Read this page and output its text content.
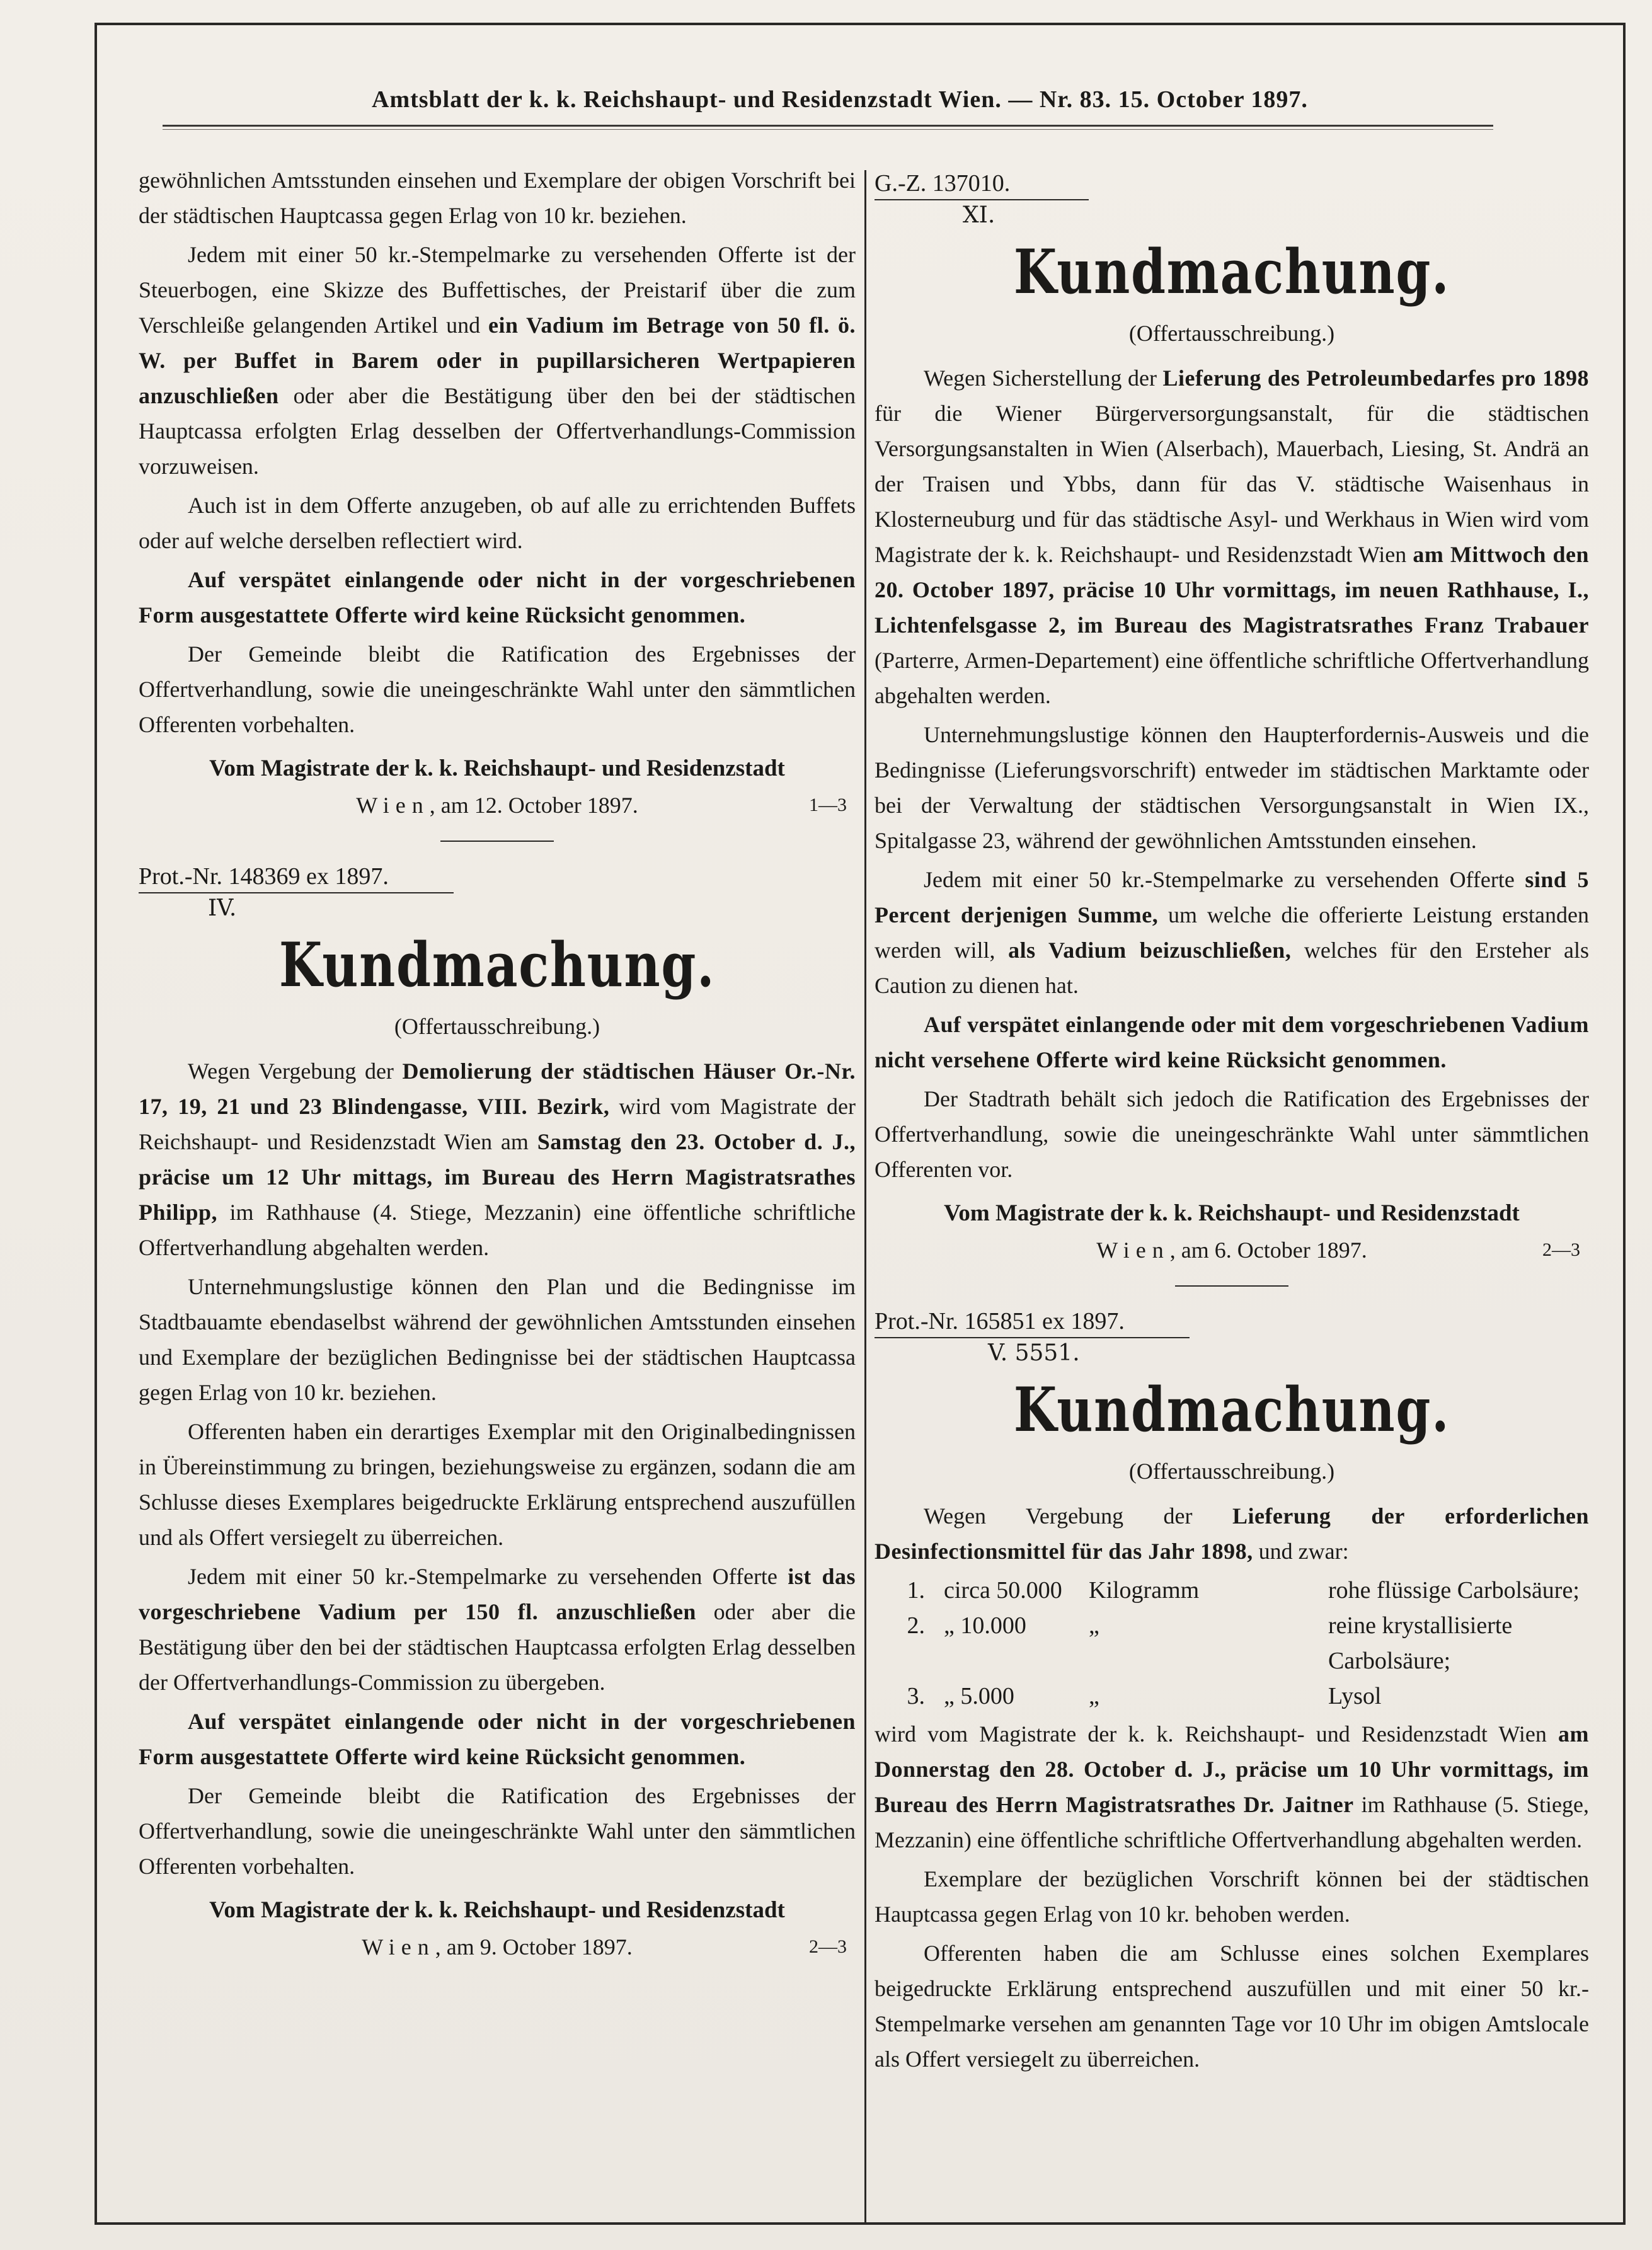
Amtsblatt der k. k. Reichshaupt- und Residenzstadt Wien. — Nr. 83. 15. October 1897.

gewöhnlichen Amtsstunden einsehen und Exemplare der obigen Vorschrift bei der städtischen Hauptcassa gegen Erlag von 10 kr. beziehen.

Jedem mit einer 50 kr.-Stempelmarke zu versehenden Offerte ist der Steuerbogen, eine Skizze des Buffettisches, der Preistarif über die zum Verschleiße gelangenden Artikel und ein Vadium im Betrage von 50 fl. ö. W. per Buffet in Barem oder in pupillarsicheren Wertpapieren anzuschließen oder aber die Bestätigung über den bei der städtischen Hauptcassa erfolgten Erlag desselben der Offertverhandlungs-Commission vorzuweisen.

Auch ist in dem Offerte anzugeben, ob auf alle zu errichtenden Buffets oder auf welche derselben reflectiert wird.

Auf verspätet einlangende oder nicht in der vorgeschriebenen Form ausgestattete Offerte wird keine Rücksicht genommen.

Der Gemeinde bleibt die Ratification des Ergebnisses der Offertverhandlung, sowie die uneingeschränkte Wahl unter den sämmtlichen Offerenten vorbehalten.

Vom Magistrate der k. k. Reichshaupt- und Residenzstadt
Wien, am 12. October 1897.	1—3
Prot.-Nr. 148369 ex 1897.
IV.
Kundmachung.
(Offertausschreibung.)

Wegen Vergebung der Demolierung der städtischen Häuser Or.-Nr. 17, 19, 21 und 23 Blindengasse, VIII. Bezirk, wird vom Magistrate der Reichshaupt- und Residenzstadt Wien am Samstag den 23. October d. J., präcise um 12 Uhr mittags, im Bureau des Herrn Magistratsrathes Philipp, im Rathhause (4. Stiege, Mezzanin) eine öffentliche schriftliche Offertverhandlung abgehalten werden.

Unternehmungslustige können den Plan und die Bedingnisse im Stadtbauamte ebendaselbst während der gewöhnlichen Amtsstunden einsehen und Exemplare der bezüglichen Bedingnisse bei der städtischen Hauptcassa gegen Erlag von 10 kr. beziehen.

Offerenten haben ein derartiges Exemplar mit den Originalbedingnissen in Übereinstimmung zu bringen, beziehungsweise zu ergänzen, sodann die am Schlusse dieses Exemplares beigedruckte Erklärung entsprechend auszufüllen und als Offert versiegelt zu überreichen.

Jedem mit einer 50 kr.-Stempelmarke zu versehenden Offerte ist das vorgeschriebene Vadium per 150 fl. anzuschließen oder aber die Bestätigung über den bei der städtischen Hauptcassa erfolgten Erlag desselben der Offertverhandlungs-Commission zu übergeben.

Auf verspätet einlangende oder nicht in der vorgeschriebenen Form ausgestattete Offerte wird keine Rücksicht genommen.

Der Gemeinde bleibt die Ratification des Ergebnisses der Offertverhandlung, sowie die uneingeschränkte Wahl unter den sämmtlichen Offerenten vorbehalten.

Vom Magistrate der k. k. Reichshaupt- und Residenzstadt
Wien, am 9. October 1897.	2—3
G.-Z. 137010.
XI.
Kundmachung.
(Offertausschreibung.)

Wegen Sicherstellung der Lieferung des Petroleumbedarfes pro 1898 für die Wiener Bürgerversorgungsanstalt, für die städtischen Versorgungsanstalten in Wien (Alserbach), Mauerbach, Liesing, St. Andrä an der Traisen und Ybbs, dann für das V. städtische Waisenhaus in Klosterneuburg und für das städtische Asyl- und Werkhaus in Wien wird vom Magistrate der k. k. Reichshaupt- und Residenzstadt Wien am Mittwoch den 20. October 1897, präcise 10 Uhr vormittags, im neuen Rathhause, I., Lichtenfelsgasse 2, im Bureau des Magistratsrathes Franz Trabauer (Parterre, Armen-Departement) eine öffentliche schriftliche Offertverhandlung abgehalten werden.

Unternehmungslustige können den Haupterfordernis-Ausweis und die Bedingnisse (Lieferungsvorschrift) entweder im städtischen Marktamte oder bei der Verwaltung der städtischen Versorgungsanstalt in Wien IX., Spitalgasse 23, während der gewöhnlichen Amtsstunden einsehen.

Jedem mit einer 50 kr.-Stempelmarke zu versehenden Offerte sind 5 Percent derjenigen Summe, um welche die offerierte Leistung erstanden werden will, als Vadium beizuschließen, welches für den Ersteher als Caution zu dienen hat.

Auf verspätet einlangende oder mit dem vorgeschriebenen Vadium nicht versehene Offerte wird keine Rücksicht genommen.

Der Stadtrath behält sich jedoch die Ratification des Ergebnisses der Offertverhandlung, sowie die uneingeschränkte Wahl unter sämmtlichen Offerenten vor.

Vom Magistrate der k. k. Reichshaupt- und Residenzstadt
Wien, am 6. October 1897.	2—3
Prot.-Nr. 165851 ex 1897.
V. 5551.
Kundmachung.
(Offertausschreibung.)

Wegen Vergebung der Lieferung der erforderlichen Desinfectionsmittel für das Jahr 1898, und zwar:

1. circa 50.000	Kilogramm	rohe flüssige Carbolsäure;
2. „ 10.000	„	reine krystallisierte Carbolsäure;
3. „ 5.000	„	Lysol

wird vom Magistrate der k. k. Reichshaupt- und Residenzstadt Wien am Donnerstag den 28. October d. J., präcise um 10 Uhr vormittags, im Bureau des Herrn Magistratsrathes Dr. Jaitner im Rathhause (5. Stiege, Mezzanin) eine öffentliche schriftliche Offertverhandlung abgehalten werden.

Exemplare der bezüglichen Vorschrift können bei der städtischen Hauptcassa gegen Erlag von 10 kr. behoben werden.

Offerenten haben die am Schlusse eines solchen Exemplares beigedruckte Erklärung entsprechend auszufüllen und mit einer 50 kr.-Stempelmarke versehen am genannten Tage vor 10 Uhr im obigen Amtslocale als Offert versiegelt zu überreichen.
